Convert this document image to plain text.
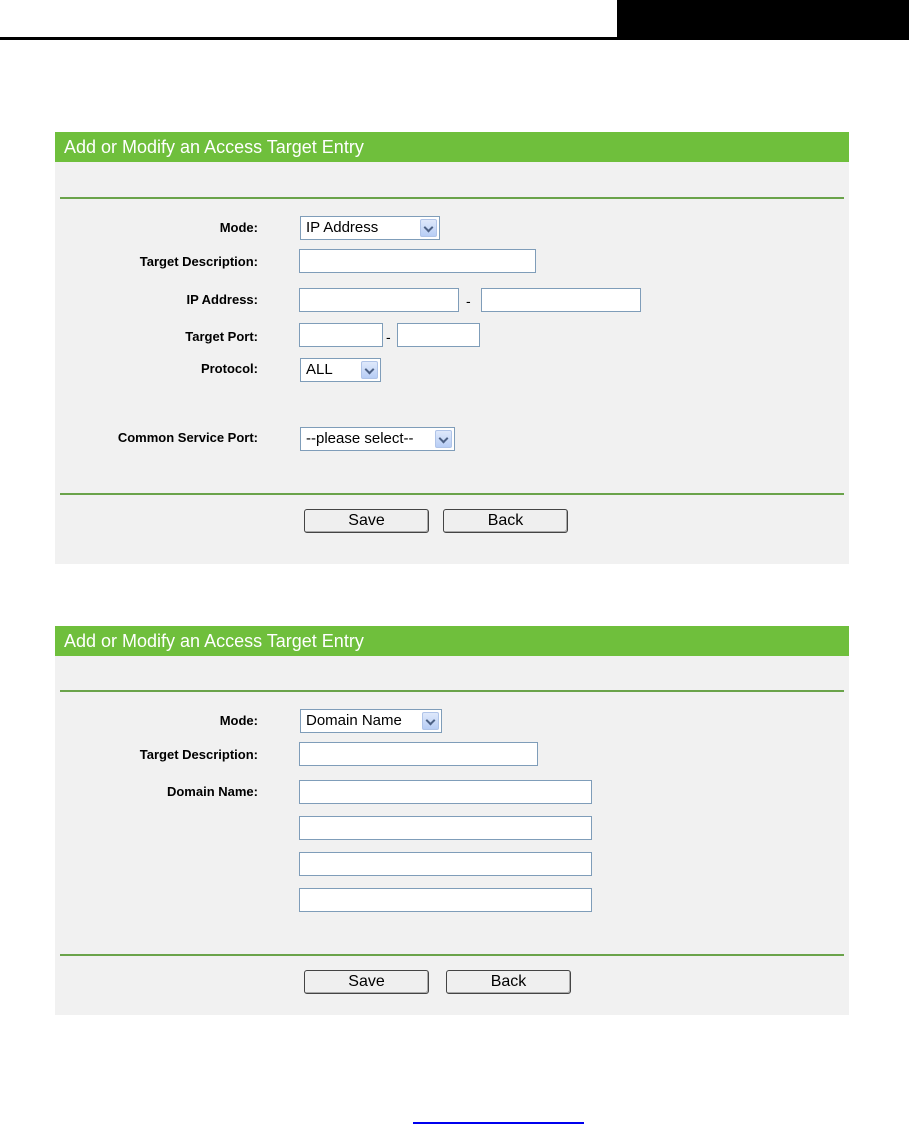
Add or Modify an Access Target Entry
Mode:	IP Address
Target Description:
IP Address:	-
Target Port:	-
Protocol:	ALL
Common Service Port:	--please select--
Save	Back
Add or Modify an Access Target Entry
Mode:	Domain Name
Target Description:
Domain Name:
Save	Back
